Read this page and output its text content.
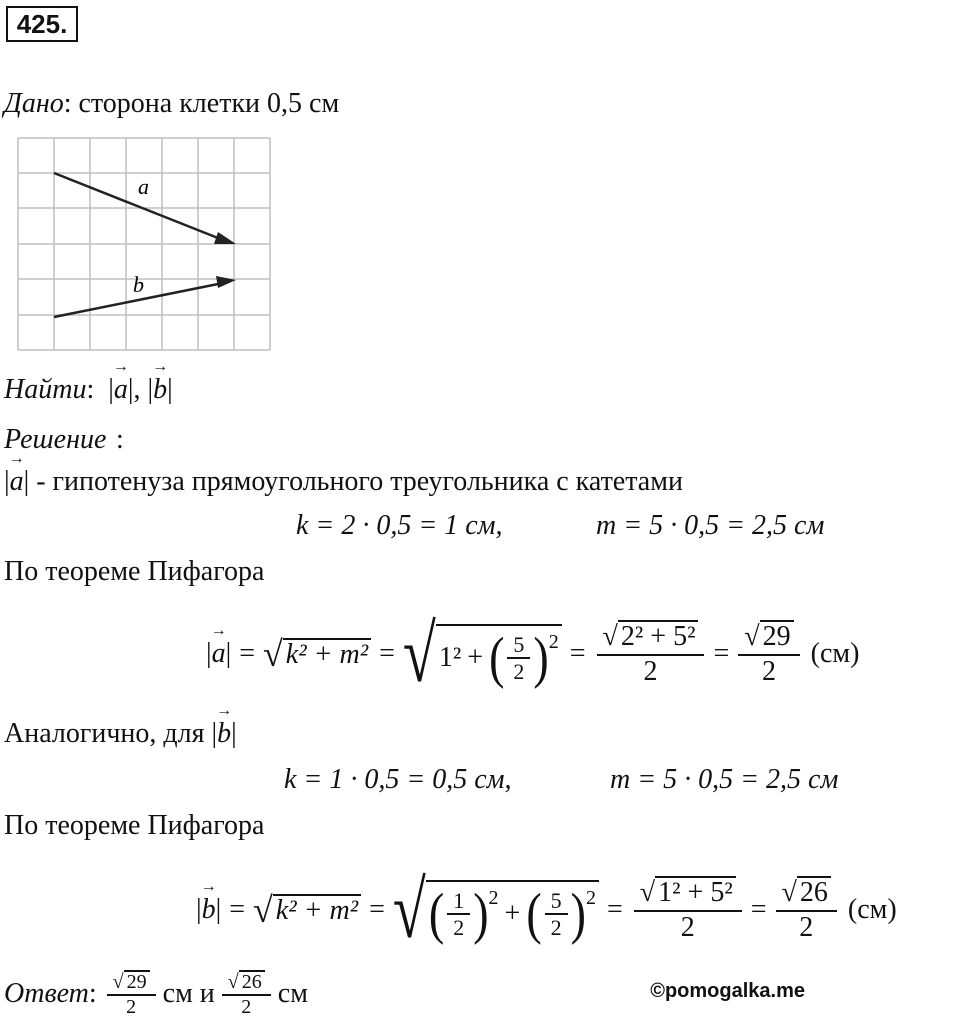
425.
Дано: сторона клетки 0,5 см
a
b
Найти:  |→ a|, |→ b|
Решение :
|→ a| - гипотенуза прямоугольного треугольника с катетами
k = 2 · 0,5 = 1 см,	m = 5 · 0,5 = 2,5 см
По теореме Пифагора
|→ a| = √ k² + m² = √ 1² + ( $\frac{5}{2} )^2 = \frac{\text{√ 2² + 5²}}{2} = \frac{√ 29}{2} (см)$
Аналогично, для |→ b|
k = 1 · 0,5 = 0,5 см,	m = 5 · 0,5 = 2,5 см
По теореме Пифагора
|→ b| = √ k² + m² = √ ( $\frac{1}{2} )^2$
+ ( $\frac{5}{2} )^2 = \frac{\text{√ 1² + 5²}}{2} = \frac{√ 26}{2} (см)$
Ответ : $\frac{√ 29}{2}$ см и $\frac{√ 26}{2}$ см	©pomogalka.me
